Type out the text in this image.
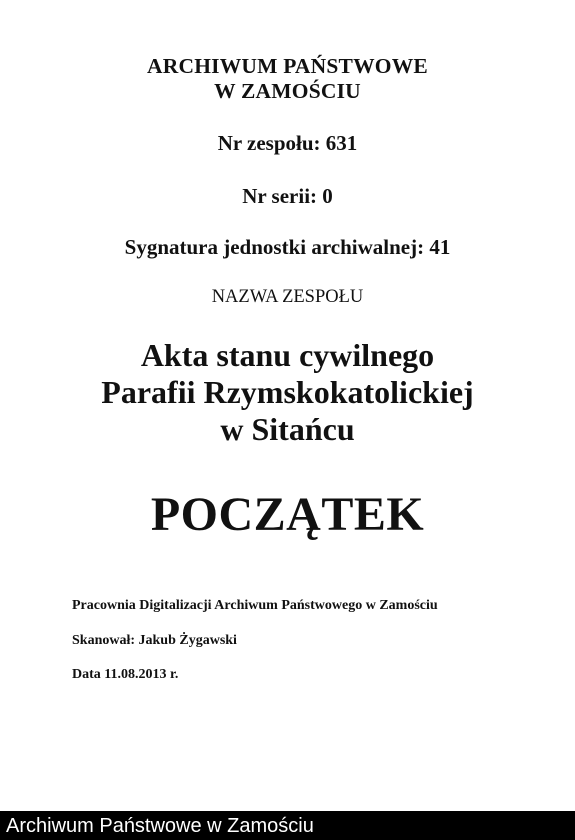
ARCHIWUM PAŃSTWOWE
W ZAMOŚCIU
Nr zespołu: 631
Nr serii: 0
Sygnatura jednostki archiwalnej: 41
NAZWA ZESPOŁU
Akta stanu cywilnego
Parafii Rzymskokatolickiej
w Sitańcu
POCZĄTEK
Pracownia Digitalizacji Archiwum Państwowego w Zamościu
Skanował: Jakub Żygawski
Data 11.08.2013 r.
Archiwum Państwowe w Zamościu
